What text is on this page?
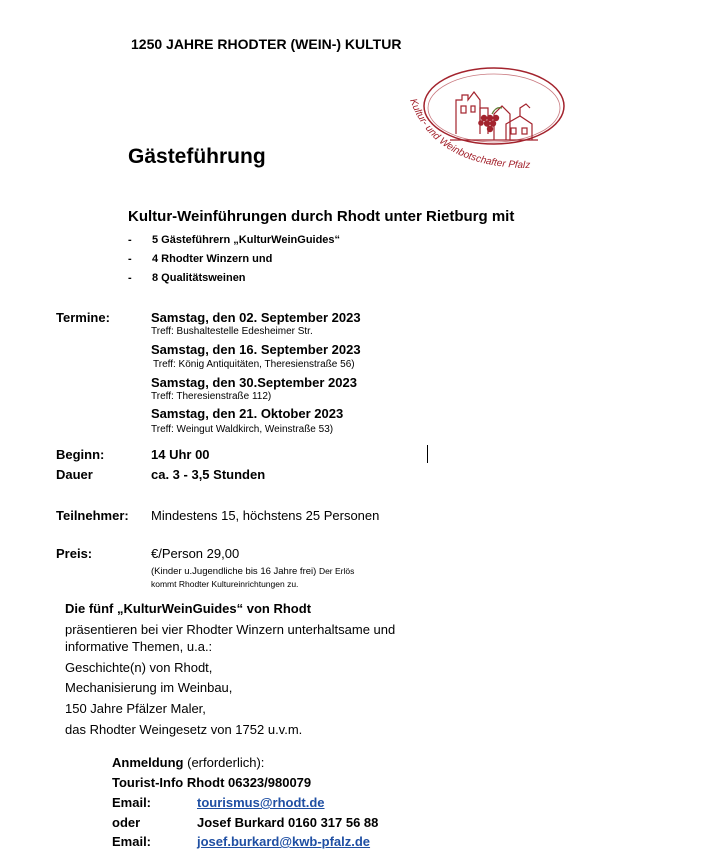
1250 JAHRE RHODTER (WEIN-) KULTUR
Kultur- und Weinbotschafter Pfalz
Gästeführung
Kultur-Weinführungen durch Rhodt unter Rietburg mit
- 5 Gästeführern „KulturWeinGuides“
- 4 Rhodter Winzern und
- 8 Qualitätsweinen
Termine:	Samstag, den 02. September 2023
Treff: Bushaltestelle Edesheimer Str.
Samstag, den 16. September 2023
Treff: König Antiquitäten, Theresienstraße 56)
Samstag, den 30.September 2023
Treff: Theresienstraße 112)
Samstag, den 21. Oktober 2023
Treff: Weingut Waldkirch, Weinstraße 53)
Beginn:	14 Uhr 00
Dauer	ca. 3 - 3,5 Stunden
Teilnehmer: Mindestens 15, höchstens 25 Personen
Preis:	€/Person 29,00
(Kinder u.Jugendliche bis 16 Jahre frei) Der Erlös
kommt Rhodter Kultureinrichtungen zu.
Die fünf „KulturWeinGuides“ von Rhodt
präsentieren bei vier Rhodter Winzern unterhaltsame und
informative Themen, u.a.:
Geschichte(n) von Rhodt,
Mechanisierung im Weinbau,
150 Jahre Pfälzer Maler,
das Rhodter Weingesetz von 1752 u.v.m.
Anmeldung (erforderlich):
Tourist-Info Rhodt 06323/980079
Email:	tourismus@rhodt.de
oder	Josef Burkard 0160 317 56 88
Email:	josef.burkard@kwb-pfalz.de
